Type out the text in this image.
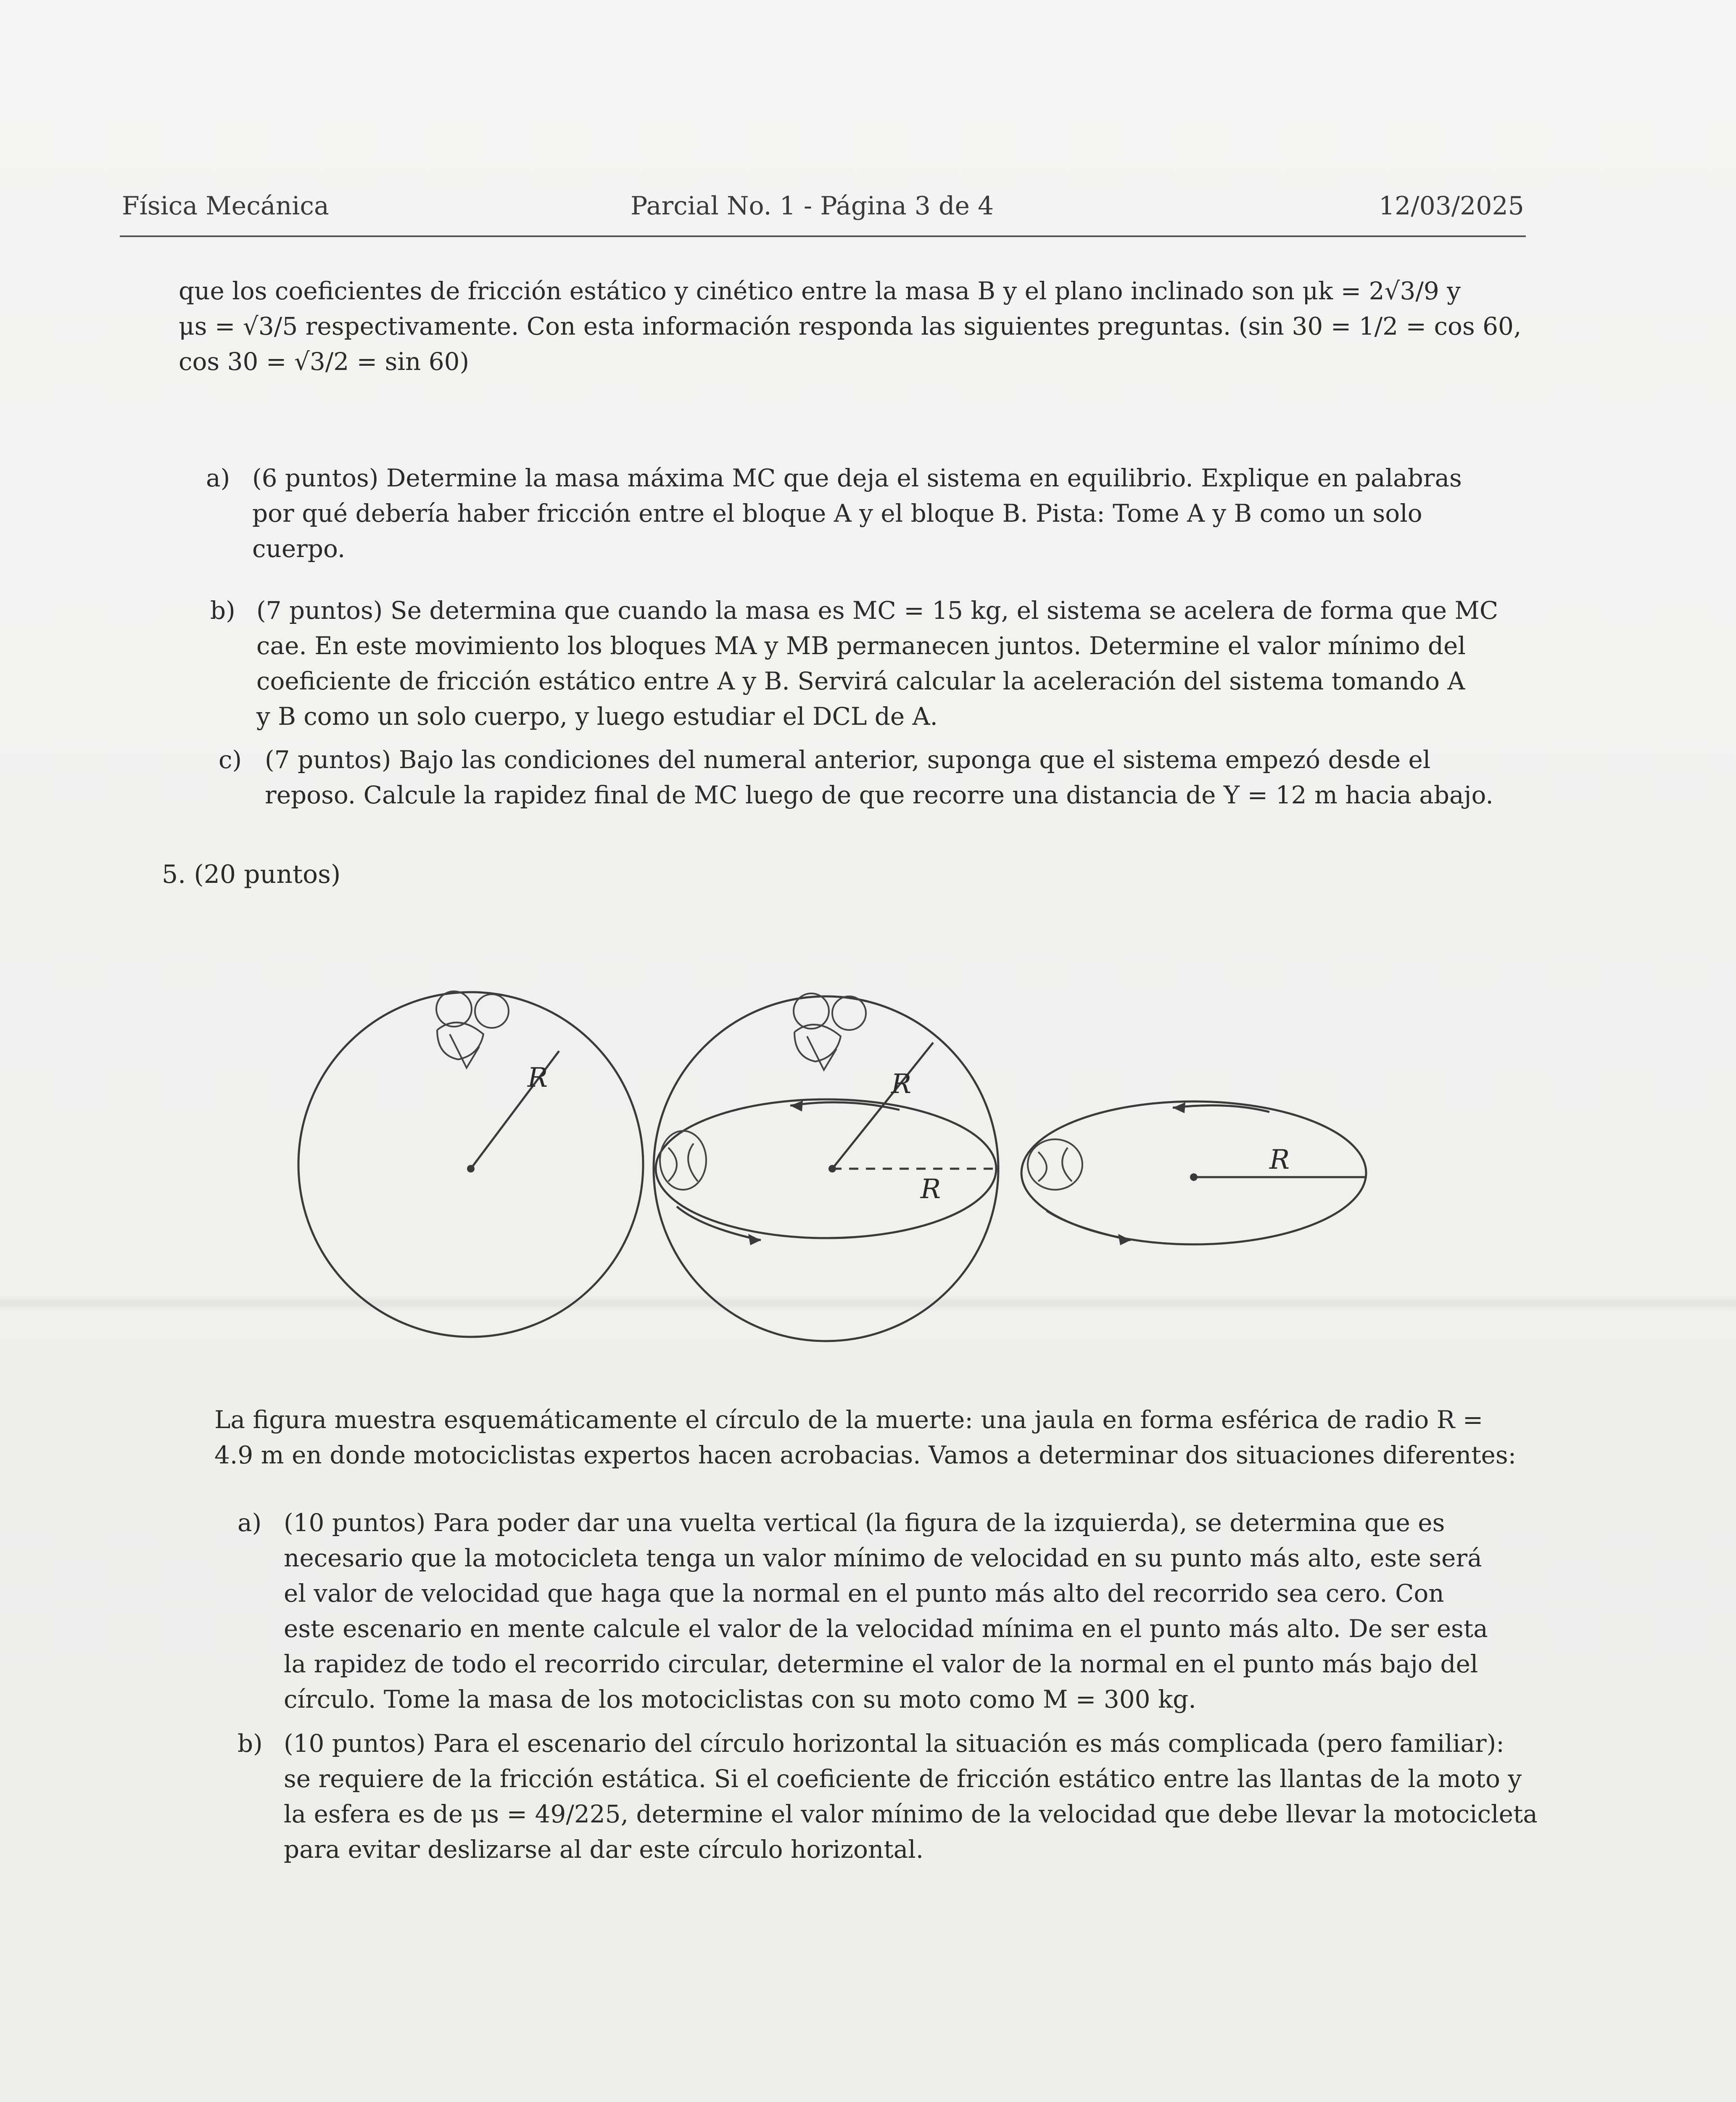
Física Mecánica	Parcial No. 1 - Página 3 de 4	12/03/2025

que los coeficientes de fricción estático y cinético entre la masa B y el plano inclinado son μk = 2√3/9 y

μs = √3/5 respectivamente. Con esta información responda las siguientes preguntas. (sin 30 = 1/2 = cos 60,

cos 30 = √3/2 = sin 60)

a) (6 puntos) Determine la masa máxima MC que deja el sistema en equilibrio. Explique en palabras

por qué debería haber fricción entre el bloque A y el bloque B. Pista: Tome A y B como un solo

cuerpo.

b) (7 puntos) Se determina que cuando la masa es MC = 15 kg, el sistema se acelera de forma que MC

cae. En este movimiento los bloques MA y MB permanecen juntos. Determine el valor mínimo del

coeficiente de fricción estático entre A y B. Servirá calcular la aceleración del sistema tomando A

y B como un solo cuerpo, y luego estudiar el DCL de A.

c) (7 puntos) Bajo las condiciones del numeral anterior, suponga que el sistema empezó desde el

reposo. Calcule la rapidez final de MC luego de que recorre una distancia de Y = 12 m hacia abajo.

5. (20 puntos)
R	R
R
R

La figura muestra esquemáticamente el círculo de la muerte: una jaula en forma esférica de radio R =

4.9 m en donde motociclistas expertos hacen acrobacias. Vamos a determinar dos situaciones diferentes:

a) (10 puntos) Para poder dar una vuelta vertical (la figura de la izquierda), se determina que es

necesario que la motocicleta tenga un valor mínimo de velocidad en su punto más alto, este será

el valor de velocidad que haga que la normal en el punto más alto del recorrido sea cero. Con

este escenario en mente calcule el valor de la velocidad mínima en el punto más alto. De ser esta

la rapidez de todo el recorrido circular, determine el valor de la normal en el punto más bajo del

círculo. Tome la masa de los motociclistas con su moto como M = 300 kg.

b) (10 puntos) Para el escenario del círculo horizontal la situación es más complicada (pero familiar):

se requiere de la fricción estática. Si el coeficiente de fricción estático entre las llantas de la moto y

la esfera es de μs = 49/225, determine el valor mínimo de la velocidad que debe llevar la motocicleta

para evitar deslizarse al dar este círculo horizontal.
